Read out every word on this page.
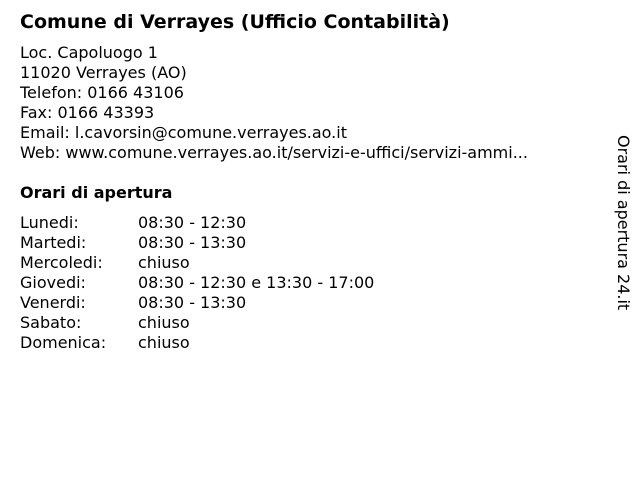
Comune di Verrayes (Ufficio Contabilità)
Loc. Capoluogo 1
11020 Verrayes (AO)
Telefon: 0166 43106
Fax: 0166 43393
Email: l.cavorsin@comune.verrayes.ao.it
Web: www.comune.verrayes.ao.it/servizi-e-uffici/servizi-ammi...
Orari di apertura
Lunedi:	08:30 - 12:30
Martedi:	08:30 - 13:30
Mercoledi: chiuso
Giovedi:	08:30 - 12:30 e 13:30 - 17:00
Venerdi:	08:30 - 13:30
Sabato:	chiuso
Domenica: chiuso
Orari di apertura 24.it
